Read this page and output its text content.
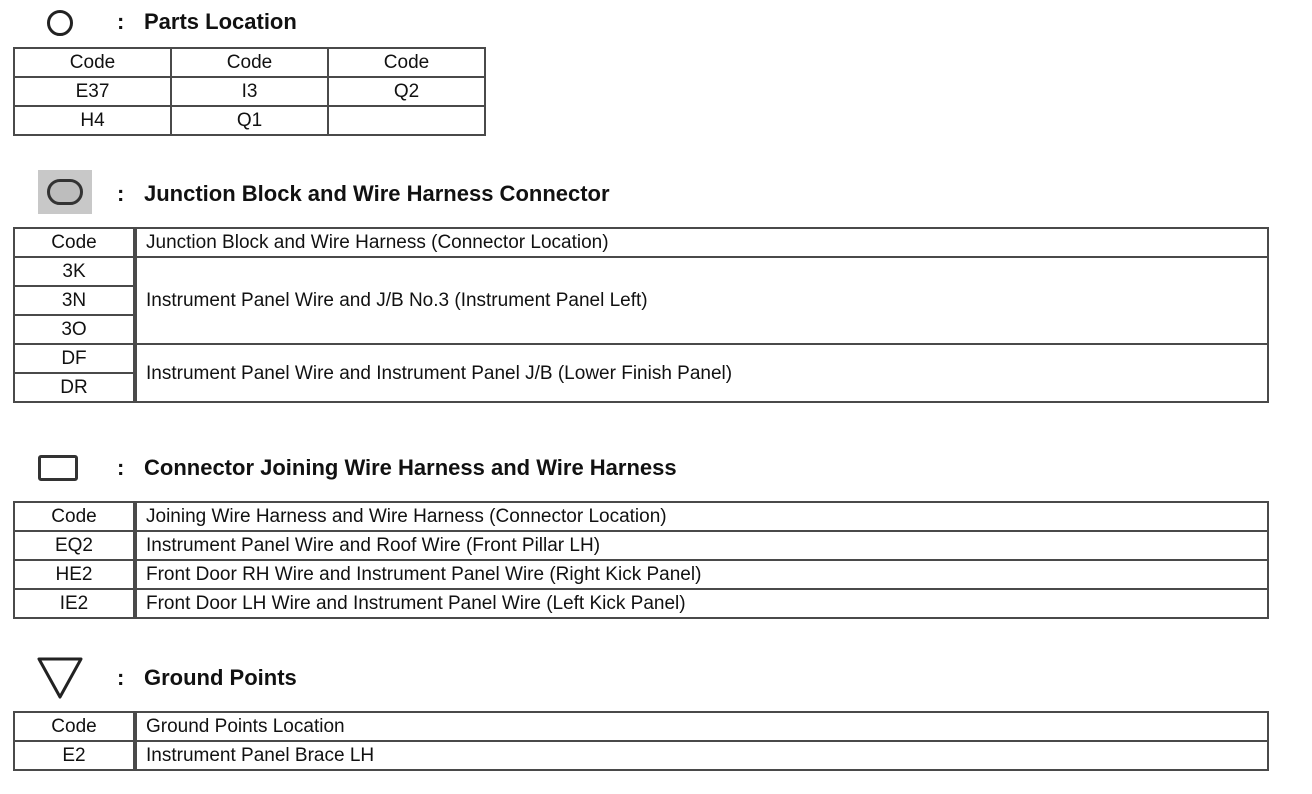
: Parts Location
Code	Code	Code
E37	I3	Q2
H4	Q1	
: Junction Block and Wire Harness Connector
Code	Junction Block and Wire Harness (Connector Location)
3K	Instrument Panel Wire and J/B No.3 (Instrument Panel Left)
3N	
3O	
DF	Instrument Panel Wire and Instrument Panel J/B (Lower Finish Panel)
DR	
: Connector Joining Wire Harness and Wire Harness
Code	Joining Wire Harness and Wire Harness (Connector Location)
EQ2	Instrument Panel Wire and Roof Wire (Front Pillar LH)
HE2	Front Door RH Wire and Instrument Panel Wire (Right Kick Panel)
IE2	Front Door LH Wire and Instrument Panel Wire (Left Kick Panel)
: Ground Points
Code	Ground Points Location
E2	Instrument Panel Brace LH
